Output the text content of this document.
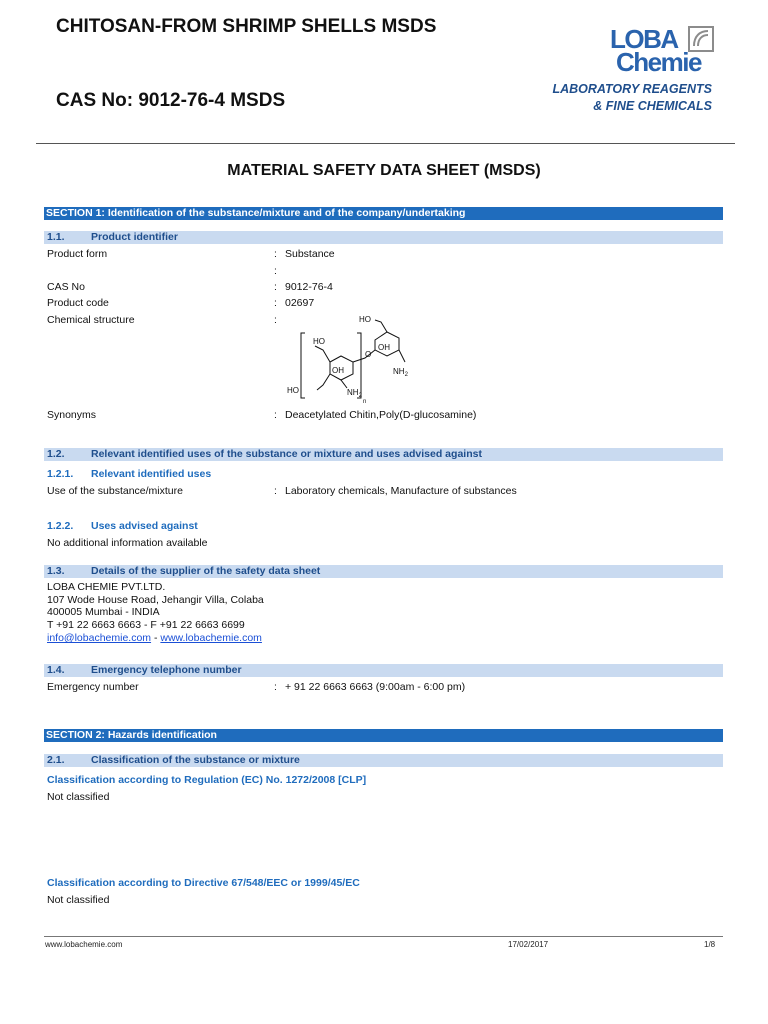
CHITOSAN-FROM SHRIMP SHELLS MSDS
CAS No: 9012-76-4 MSDS
LOBA
Chemie
LABORATORY REAGENTS
& FINE CHEMICALS
MATERIAL SAFETY DATA SHEET (MSDS)
SECTION 1: Identification of the substance/mixture and of the company/undertaking
1.1.	Product identifier
Product form	: Substance
:
CAS No	: 9012-76-4
Product code	: 02697
Chemical structure	:	HO
HO
OH
OH
O
$NH_2$
$NH_2$
HO
n
Synonyms	: Deacetylated Chitin,Poly(D-glucosamine)
1.2.	Relevant identified uses of the substance or mixture and uses advised against
1.2.1. Relevant identified uses
Use of the substance/mixture	: Laboratory chemicals, Manufacture of substances
1.2.2. Uses advised against
No additional information available
1.3.	Details of the supplier of the safety data sheet
LOBA CHEMIE PVT.LTD.
107 Wode House Road, Jehangir Villa, Colaba
400005 Mumbai - INDIA
T +91 22 6663 6663 - F +91 22 6663 6699
info@lobachemie.com - www.lobachemie.com
1.4.	Emergency telephone number
Emergency number	: + 91 22 6663 6663 (9:00am - 6:00 pm)
SECTION 2: Hazards identification
2.1.	Classification of the substance or mixture
Classification according to Regulation (EC) No. 1272/2008 [CLP]
Not classified
Classification according to Directive 67/548/EEC or 1999/45/EC
Not classified
www.lobachemie.com	17/02/2017	1/8
